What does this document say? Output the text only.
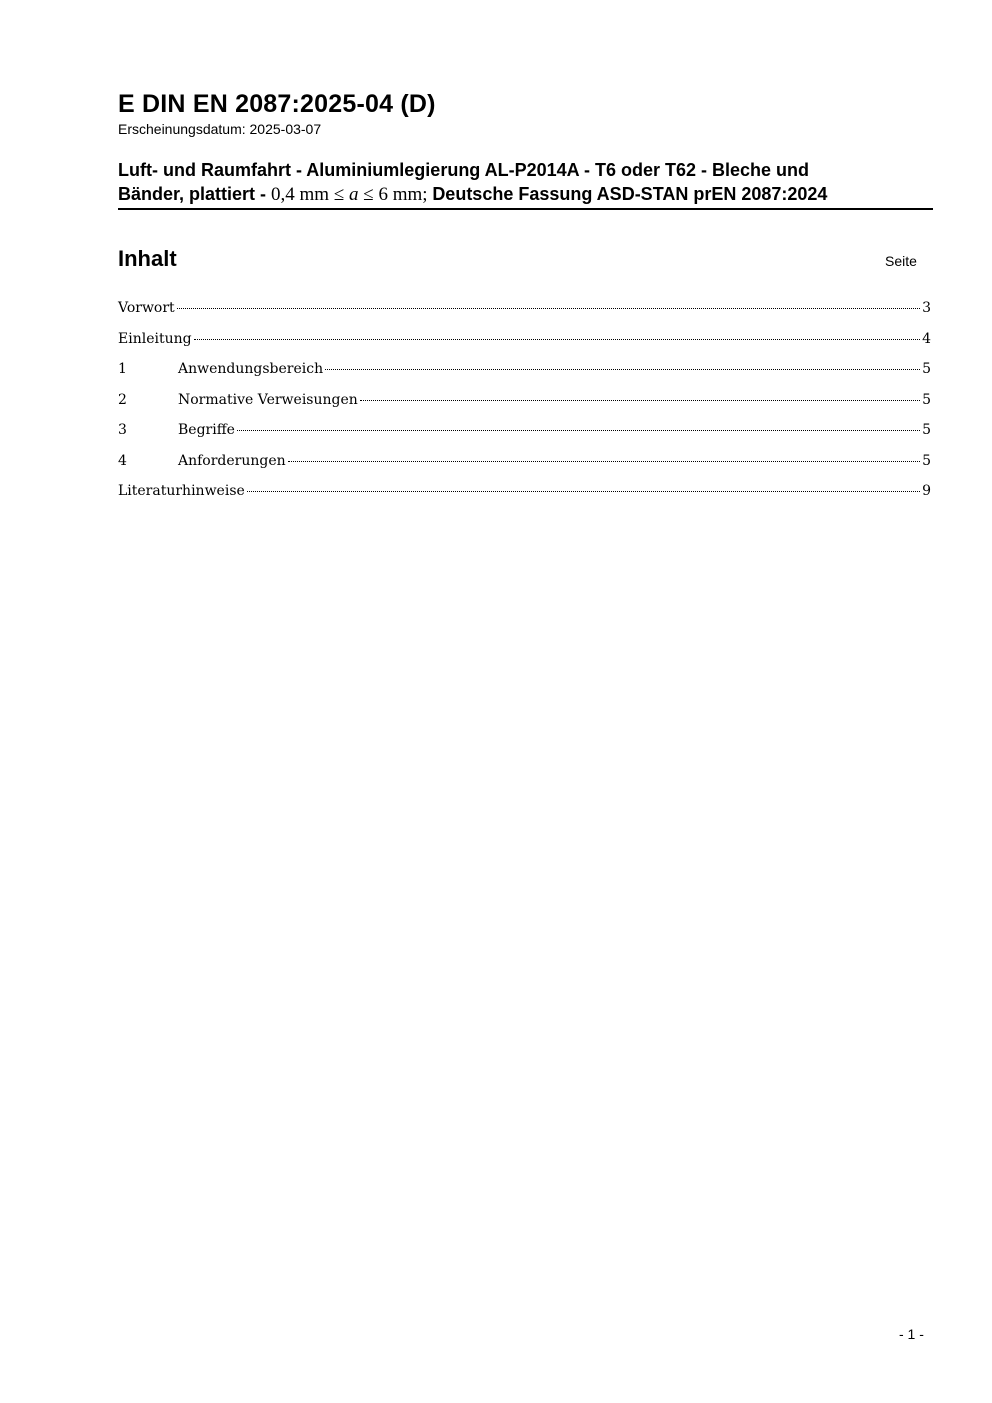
E DIN EN 2087:2025-04 (D)

Erscheinungsdatum: 2025-03-07

Luft- und Raumfahrt - Aluminiumlegierung AL-P2014A - T6 oder T62 - Bleche und
Bänder, plattiert - 0,4 mm ≤ a ≤ 6 mm; Deutsche Fassung ASD-STAN prEN 2087:2024
Inhalt	Seite
Vorwort	3
Einleitung	4
1	Anwendungsbereich	5
2	Normative Verweisungen	5
3	Begriffe	5
4	Anforderungen	5
Literaturhinweise	9
- 1 -
